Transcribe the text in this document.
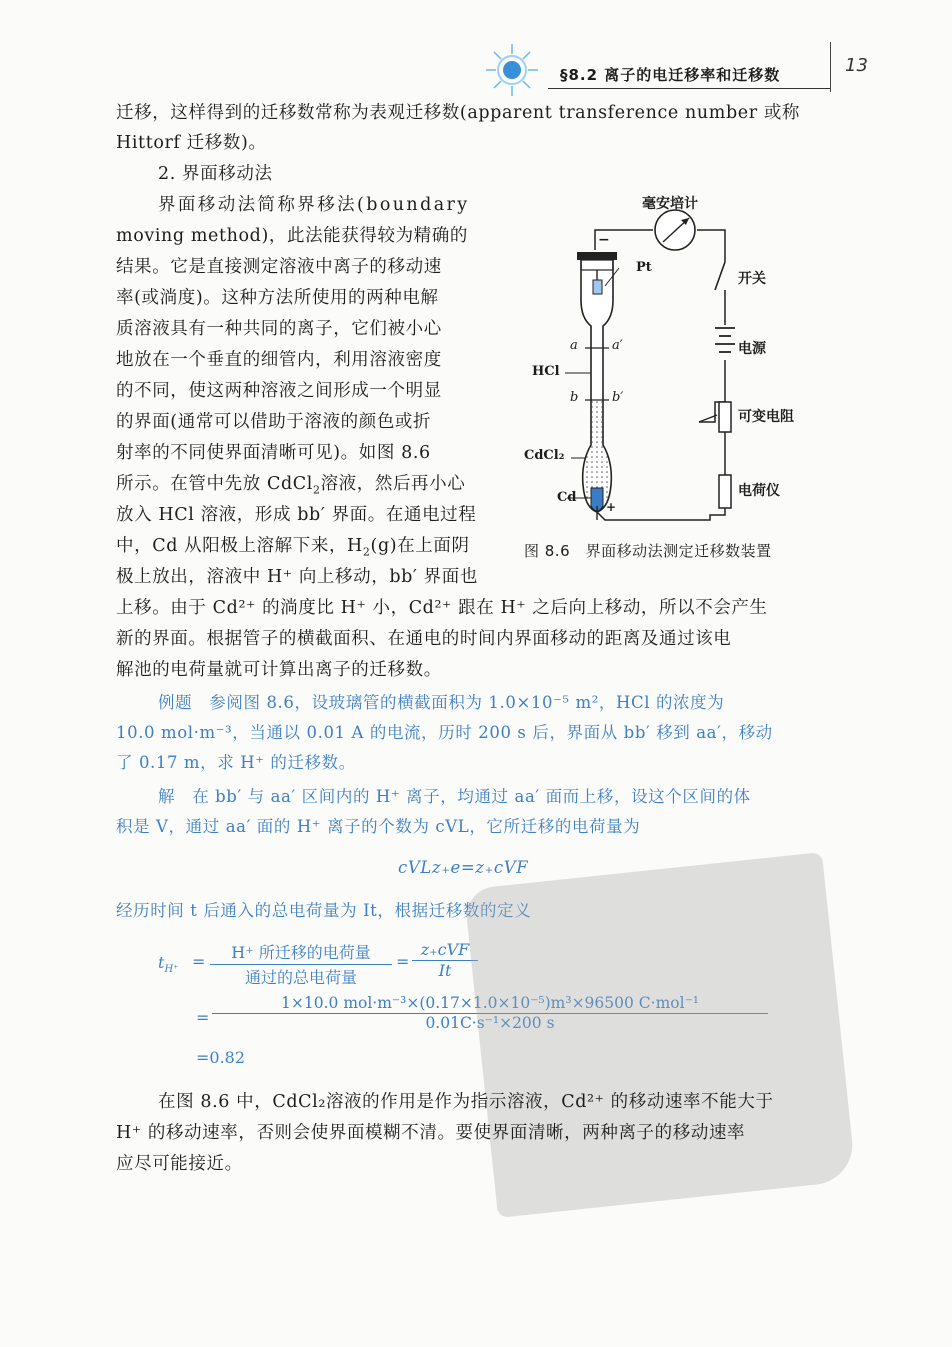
§8.2 离子的电迁移率和迁移数	13
迁移，这样得到的迁移数常称为表观迁移数(apparent transference number 或称
Hittorf 迁移数)。
2. 界面移动法
界面移动法简称界移法(boundary
moving method)，此法能获得较为精确的
结果。它是直接测定溶液中离子的移动速
率(或淌度)。这种方法所使用的两种电解
质溶液具有一种共同的离子，它们被小心
地放在一个垂直的细管内，利用溶液密度
的不同，使这两种溶液之间形成一个明显
的界面(通常可以借助于溶液的颜色或折
射率的不同使界面清晰可见)。如图 8.6
所示。在管中先放 CdCl$_2$溶液，然后再小心
放入 HCl 溶液，形成 bb′ 界面。在通电过程
中，Cd 从阳极上溶解下来，$H_2(g)$在上面阴
极上放出，溶液中 H⁺ 向上移动，bb′ 界面也
毫安培计
Pt
开关
电源
可变电阻
电荷仪
HCl
CdCl₂
Cd
a	a′
b	b′
−
+
图 8.6　界面移动法测定迁移数装置
上移。由于 Cd²⁺ 的淌度比 H⁺ 小，Cd²⁺ 跟在 H⁺ 之后向上移动，所以不会产生
新的界面。根据管子的横截面积、在通电的时间内界面移动的距离及通过该电
解池的电荷量就可计算出离子的迁移数。
例题　参阅图 8.6，设玻璃管的横截面积为 1.0×10⁻⁵ m²，HCl 的浓度为
10.0 mol·m⁻³，当通以 0.01 A 的电流，历时 200 s 后，界面从 bb′ 移到 aa′，移动
了 0.17 m，求 H⁺ 的迁移数。
解　在 bb′ 与 aa′ 区间内的 H⁺ 离子，均通过 aa′ 面而上移，设这个区间的体
积是 V，通过 aa′ 面的 H⁺ 离子的个数为 cVL，它所迁移的电荷量为
cVLz₊e=z₊cVF
经历时间 t 后通入的总电荷量为 It，根据迁移数的定义
$t_{H^+}$ =	H⁺ 所迁移的电荷量
通过的总电荷量
=
z₊cVF
It
=
1×10.0 mol·m⁻³×(0.17×1.0×10⁻⁵)m³×96500 C·mol⁻¹
0.01C·s⁻¹×200 s
=0.82
在图 8.6 中，CdCl₂溶液的作用是作为指示溶液，Cd²⁺ 的移动速率不能大于
H⁺ 的移动速率，否则会使界面模糊不清。要使界面清晰，两种离子的移动速率
应尽可能接近。
